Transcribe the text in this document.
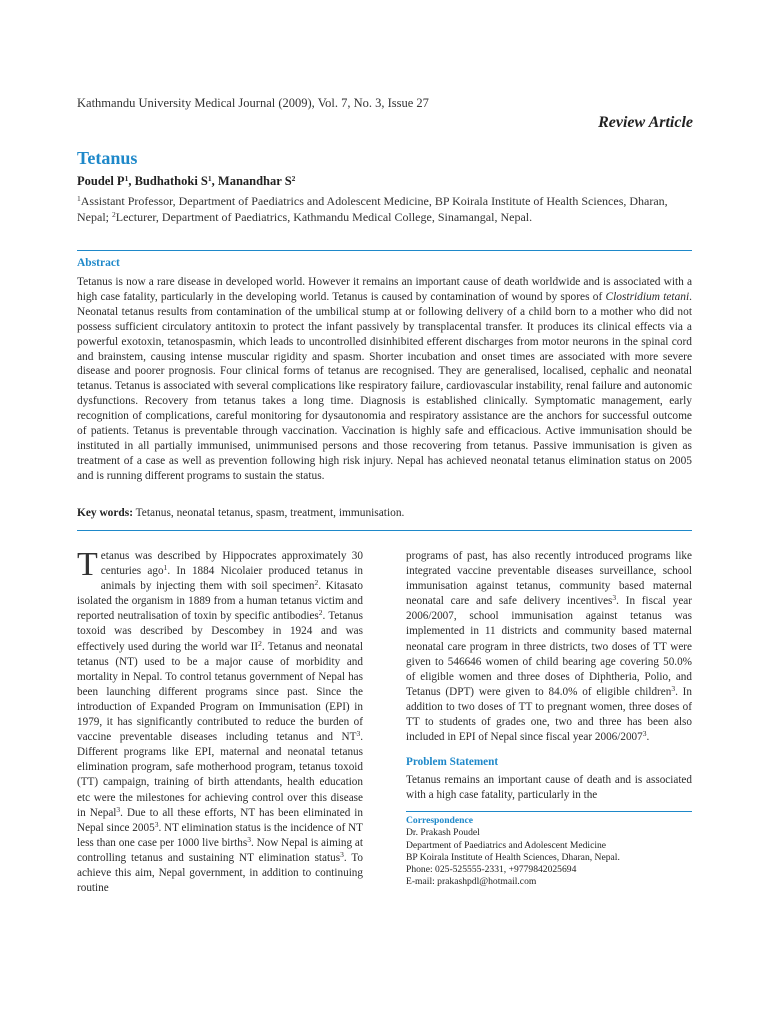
Kathmandu University Medical Journal (2009), Vol. 7, No. 3, Issue 27
Review Article
Tetanus
Poudel $P^1$, Budhathoki $S^1$, Manandhar $S^2$
$^1$Assistant Professor, Department of Paediatrics and Adolescent Medicine, BP Koirala Institute of Health Sciences, Dharan, Nepal; $^2$Lecturer, Department of Paediatrics, Kathmandu Medical College, Sinamangal, Nepal.
Abstract
Tetanus is now a rare disease in developed world. However it remains an important cause of death worldwide and is associated with a high case fatality, particularly in the developing world. Tetanus is caused by contamination of wound by spores of Clostridium tetani. Neonatal tetanus results from contamination of the umbilical stump at or following delivery of a child born to a mother who did not possess sufficient circulatory antitoxin to protect the infant passively by transplacental transfer. It produces its clinical effects via a powerful exotoxin, tetanospasmin, which leads to uncontrolled disinhibited efferent discharges from motor neurons in the spinal cord and brainstem, causing intense muscular rigidity and spasm. Shorter incubation and onset times are associated with more severe disease and poorer prognosis. Four clinical forms of tetanus are recognised. They are generalised, localised, cephalic and neonatal tetanus. Tetanus is associated with several complications like respiratory failure, cardiovascular instability, renal failure and autonomic dysfunctions. Recovery from tetanus takes a long time. Diagnosis is established clinically. Symptomatic management, early recognition of complications, careful monitoring for dysautonomia and respiratory assistance are the anchors for successful outcome of patients. Tetanus is preventable through vaccination. Vaccination is highly safe and efficacious. Active immunisation should be instituted in all partially immunised, unimmunised persons and those recovering from tetanus. Passive immunisation is given as treatment of a case as well as prevention following high risk injury. Nepal has achieved neonatal tetanus elimination status on 2005 and is running different programs to sustain the status.
Key words: Tetanus, neonatal tetanus, spasm, treatment, immunisation.
Tetanus was described by Hippocrates approximately 30 centuries ago$^1$. In 1884 Nicolaier produced tetanus in animals by injecting them with soil specimen$^2$. Kitasato isolated the organism in 1889 from a human tetanus victim and reported neutralisation of toxin by specific antibodies$^2$. Tetanus toxoid was described by Descombey in 1924 and was effectively used during the world war $II^2$. Tetanus and neonatal tetanus (NT) used to be a major cause of morbidity and mortality in Nepal. To control tetanus government of Nepal has been launching different programs since past. Since the introduction of Expanded Program on Immunisation (EPI) in 1979, it has significantly contributed to reduce the burden of vaccine preventable diseases including tetanus and $NT^3$. Different programs like EPI, maternal and neonatal tetanus elimination program, safe motherhood program, tetanus toxoid (TT) campaign, training of birth attendants, health education etc were the milestones for achieving control over this disease in Nepal$^3$. Due to all these efforts, NT has been eliminated in Nepal since 2005$^3$. NT elimination status is the incidence of NT less than one case per 1000 live births$^3$. Now Nepal is aiming at controlling tetanus and sustaining NT elimination status$^3$. To achieve this aim, Nepal government, in addition to continuing routine
programs of past, has also recently introduced programs like integrated vaccine preventable diseases surveillance, school immunisation against tetanus, community based maternal neonatal care and safe delivery incentives$^3$. In fiscal year 2006/2007, school immunisation against tetanus was implemented in 11 districts and community based maternal neonatal care program in three districts, two doses of TT were given to 546646 women of child bearing age covering 50.0% of eligible women and three doses of Diphtheria, Polio, and Tetanus (DPT) were given to 84.0% of eligible children$^3$. In addition to two doses of TT to pregnant women, three doses of TT to students of grades one, two and three has been also included in EPI of Nepal since fiscal year 2006/2007$^3$.
Problem Statement
Tetanus remains an important cause of death and is associated with a high case fatality, particularly in the
Correspondence
Dr. Prakash Poudel
Department of Paediatrics and Adolescent Medicine
BP Koirala Institute of Health Sciences, Dharan, Nepal.
Phone: 025-525555-2331, +9779842025694
E-mail: prakashpdl@hotmail.com
